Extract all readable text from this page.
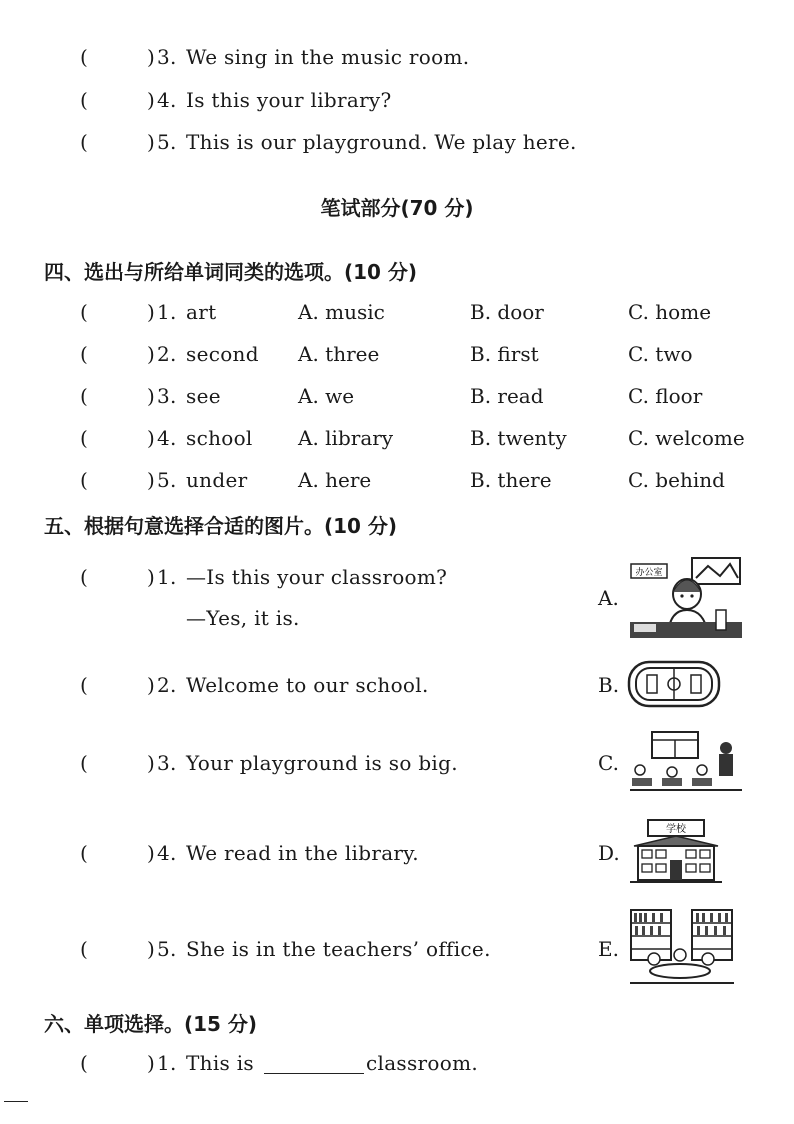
(	) 3. We sing in the music room.
(	) 4. Is this your library?
(	) 5. This is our playground. We play here.
笔试部分(70 分)
四、选出与所给单词同类的选项。(10 分)
(	) 1. art	A. music	B. door	C. home
(	) 2. second A. three	B. first	C. two
(	) 3. see	A. we	B. read	C. floor
(	) 4. school A. library	B. twenty	C. welcome
(	) 5. under	A. here	B. there	C. behind
五、根据句意选择合适的图片。(10 分)
(	) 1. —Is this your classroom?
—Yes, it is.
(	) 2. Welcome to our school.
(	) 3. Your playground is so big.
(	) 4. We read in the library.
(	) 5. She is in the teachers’ office.
A.
办公室
B.
C.
D.
学校
E.
六、单项选择。(15 分)
(	) 1. This is	classroom.
